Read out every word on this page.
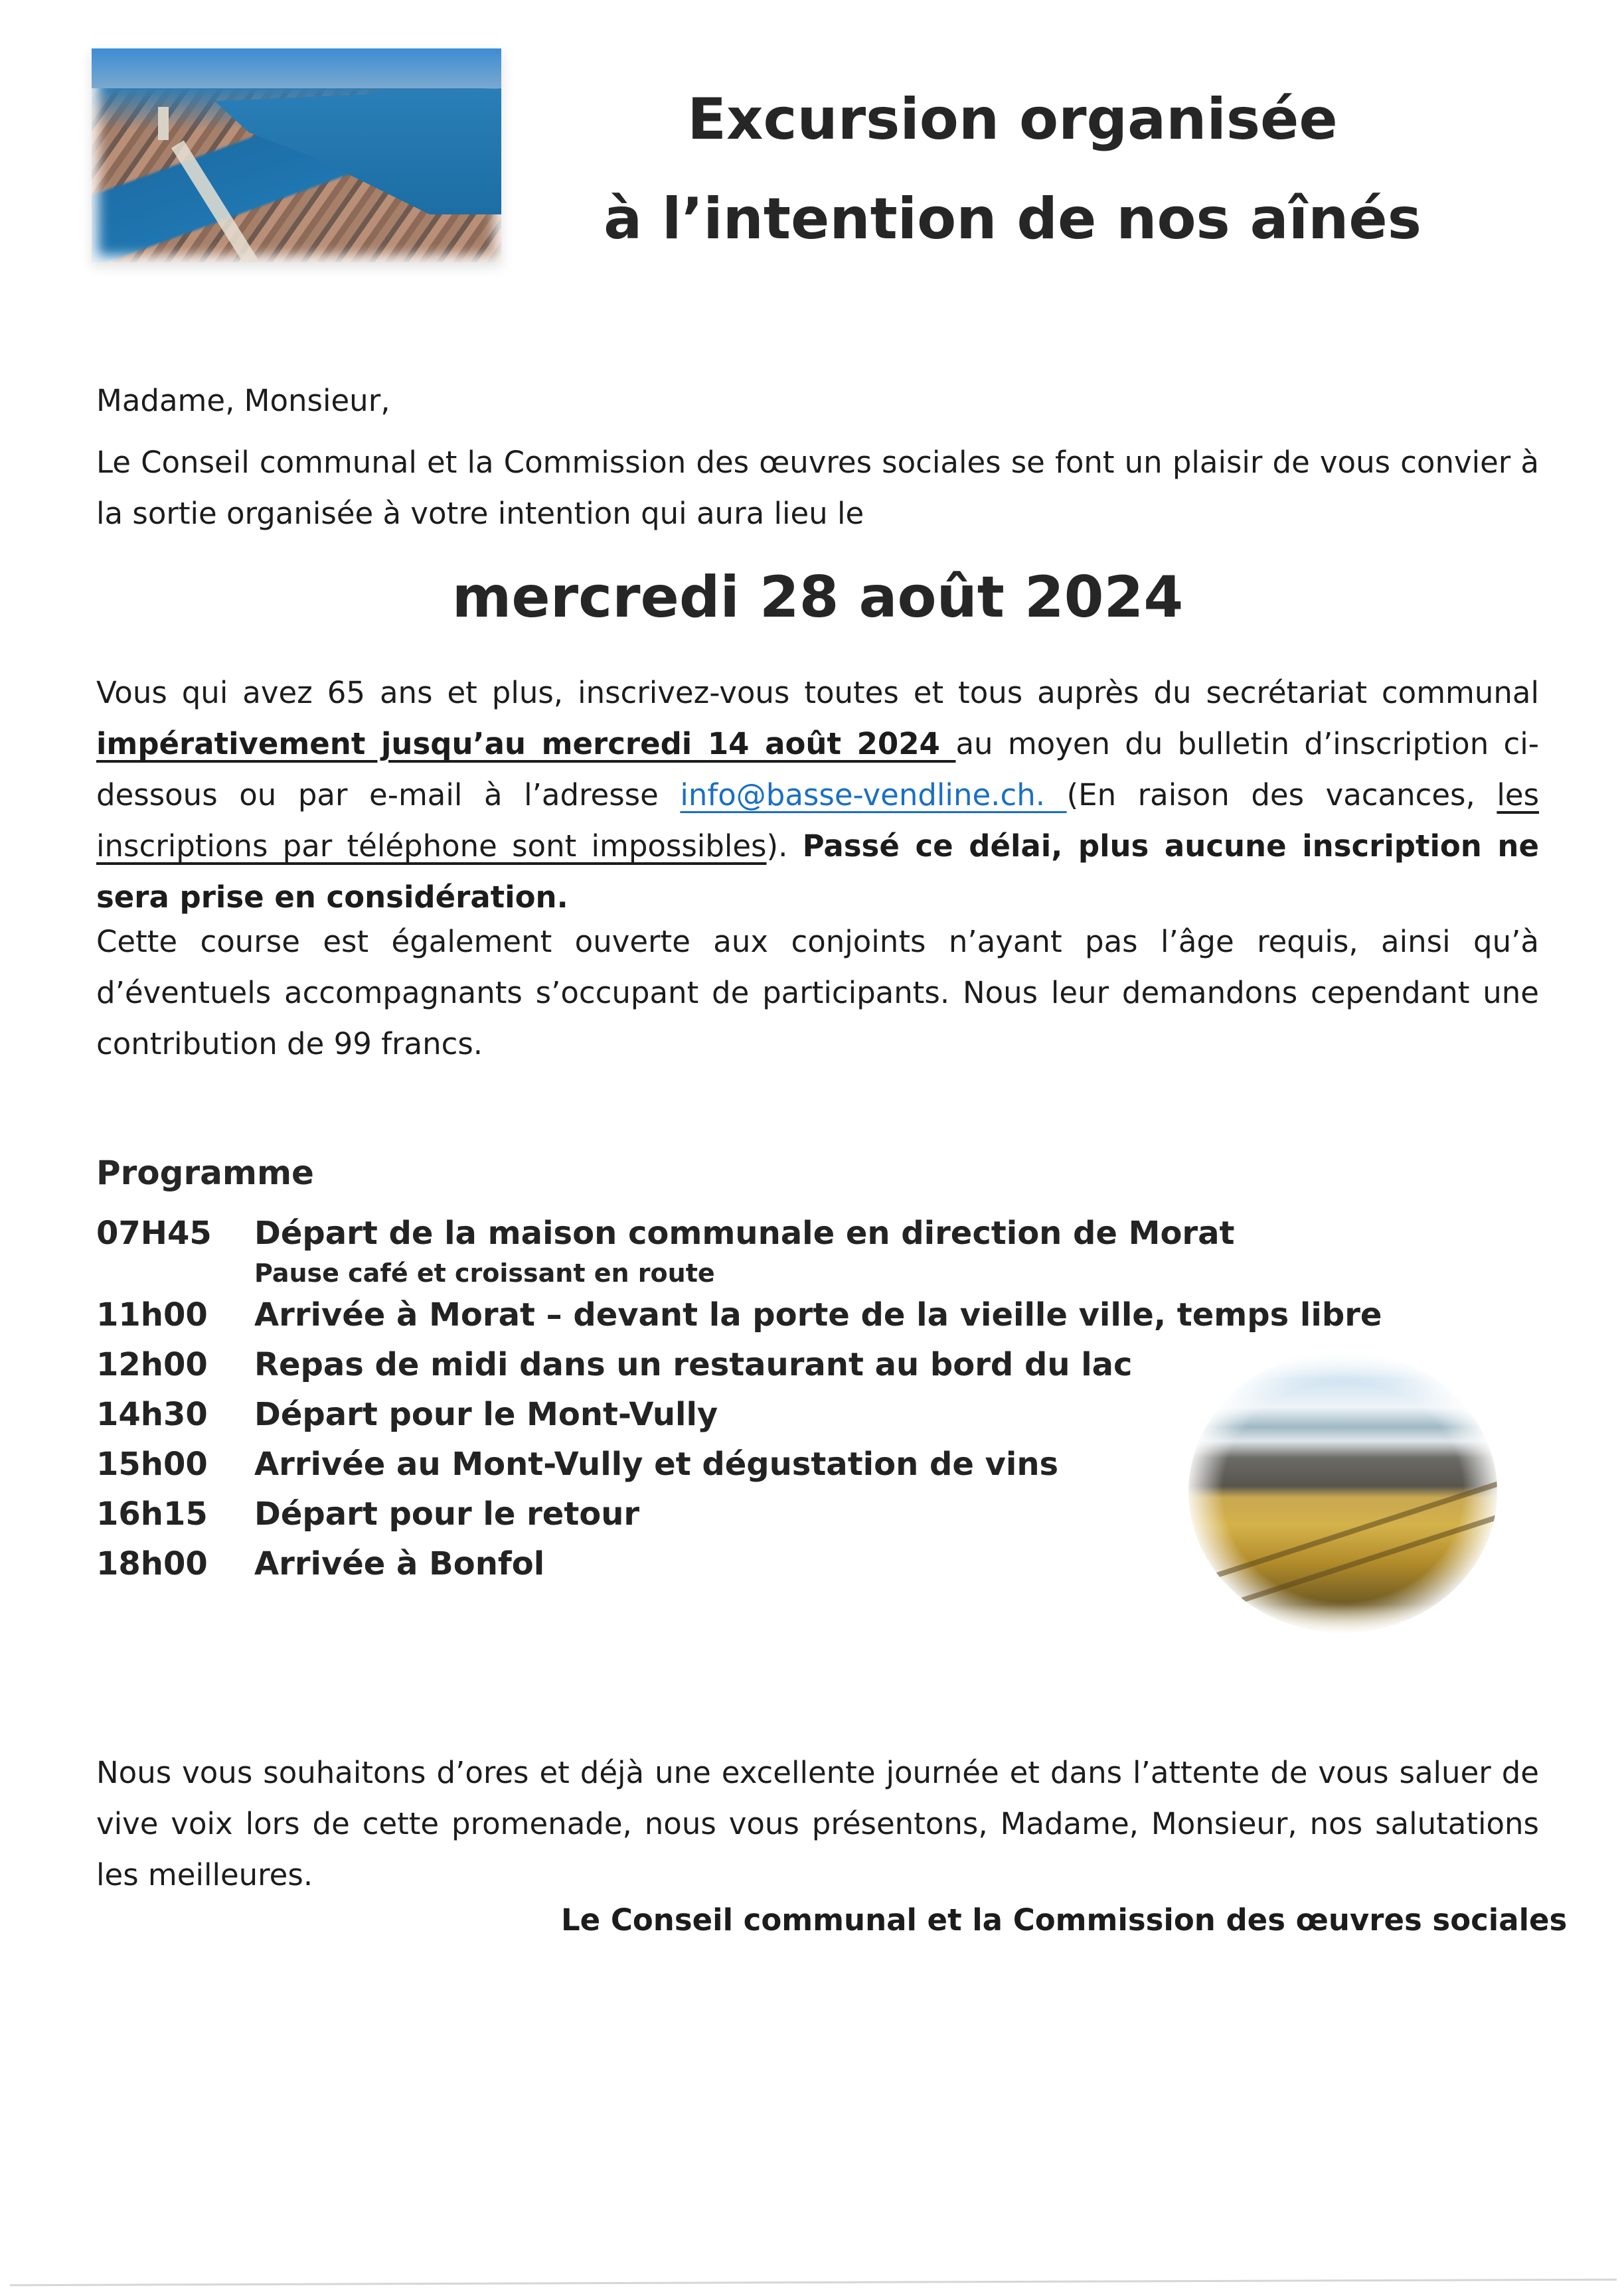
Excursion organisée
à l’intention de nos aînés
Madame, Monsieur,
Le Conseil communal et la Commission des œuvres sociales se font un plaisir de vous convier à la sortie organisée à votre intention qui aura lieu le
mercredi 28 août 2024
Vous qui avez 65 ans et plus, inscrivez-vous toutes et tous auprès du secrétariat communal impérativement jusqu’au mercredi 14 août 2024 au moyen du bulletin d’inscription ci-dessous ou par e-mail à l’adresse info@basse-vendline.ch. (En raison des vacances, les inscriptions par téléphone sont impossibles). Passé ce délai, plus aucune inscription ne sera prise en considération.
Cette course est également ouverte aux conjoints n’ayant pas l’âge requis, ainsi qu’à d’éventuels accompagnants s’occupant de participants. Nous leur demandons cependant une contribution de 99 francs.
Programme
07H45	Départ de la maison communale en direction de Morat
Pause café et croissant en route
11h00	Arrivée à Morat – devant la porte de la vieille ville, temps libre
12h00	Repas de midi dans un restaurant au bord du lac
14h30	Départ pour le Mont-Vully
15h00	Arrivée au Mont-Vully et dégustation de vins
16h15	Départ pour le retour
18h00	Arrivée à Bonfol
Nous vous souhaitons d’ores et déjà une excellente journée et dans l’attente de vous saluer de vive voix lors de cette promenade, nous vous présentons, Madame, Monsieur, nos salutations les meilleures.
Le Conseil communal et la Commission des œuvres sociales
